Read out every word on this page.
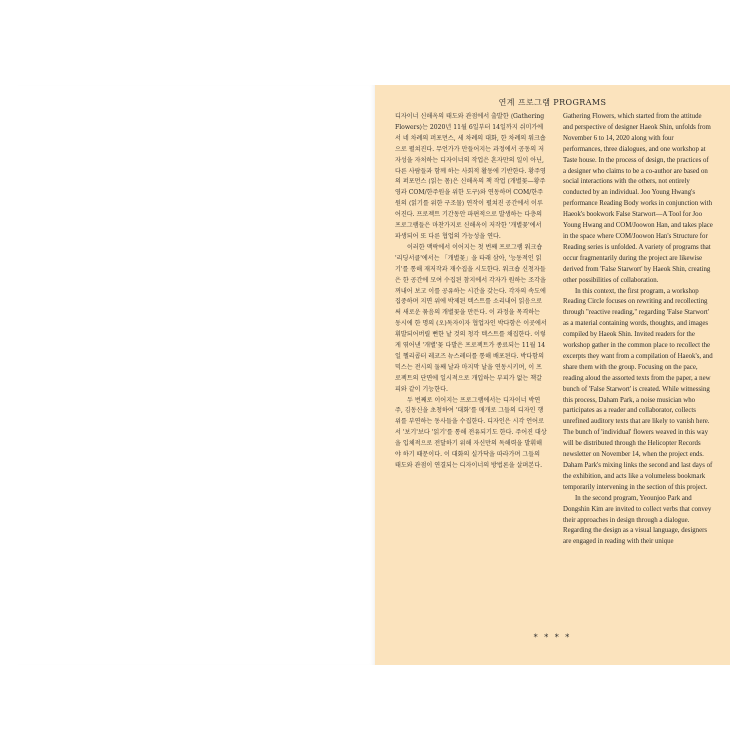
연계 프로그램 PROGRAMS

디자이너 신해옥의 태도와 관점에서 출발한 ⟨Gathering Flowers⟩는 2020년 11월 6일부터 14일까지 쉬미가에서 네 차례의 퍼포먼스, 세 차례의 대화, 한 차례의 워크숍으로 펼쳐진다. 무언가가 만들어지는 과정에서 공동의 저자성을 자처하는 디자이너의 작업은 혼자만의 일이 아닌, 다른 사람들과 함께 하는 사회적 활동에 기반한다. 황주영의 퍼포먼스 ⟨읽는 몸⟩은 신해옥의 책 작업 ⟨개별꽃—황주영과 COM/한주원을 위한 도구⟩와 연동하며 COM/한주원의 ⟨읽기를 위한 구조물⟩ 연작이 펼쳐진 공간에서 이루어진다. 프로젝트 기간동안 파편적으로 발생하는 다층의 프로그램들은 마찬가지로 신해옥이 저작한 '개별꽃'에서 파생되어 또 다른 협업의 가능성을 연다.

이러한 맥락에서 이어지는 첫 번째 프로그램 워크숍 '리딩서클'에서는 「개별꽃」을 타래 삼아, '능동적인 읽기'를 통해 재저작과 재수집을 시도한다. 워크숍 신청자들은 한 공간에 모여 수집된 참지에서 각자가 원하는 조각을 꺼내어 보고 이를 공유하는 시간을 갖는다. 각자의 속도에 집중하며 지면 위에 박제된 텍스트를 소리내어 읽음으로써 새로운 묶음의 개별꽃을 만든다. 이 과정을 목격하는 동시에 한 명의 (오)독자이자 협업자인 박다함은 이곳에서 휘발되어버릴 뻔한 낱 것의 청각 텍스트를 채집한다. 이렇게 엮어낸 '개별'꽃 다발은 프로젝트가 종료되는 11월 14일 헬리콥터 레코즈 뉴스레터를 통해 배포된다. 박다함의 믹스는 전시의 둘째 날과 마지막 날을 연동시키며, 이 프로젝트의 단면에 일시적으로 개입하는 부피가 없는 책갈피와 같이 기능한다.

두 번째로 이어지는 프로그램에서는 디자이너 박연주, 김동신을 초청하여 '대화'를 매개로 그들의 디자인 행위를 부연하는 동사들을 수집한다. 디자인은 시각 언어로서 '보기'보다 '읽기'를 통해 전유되기도 한다. 주어진 대상을 입체적으로 전달하기 위해 자신만의 독해력을 발휘해야 하기 때문이다. 이 대화의 실가닥을 따라가며 그들의 태도와 관점이 연결되는 디자이너의 방법론을 살펴본다.

Gathering Flowers, which started from the attitude and perspective of designer Haeok Shin, unfolds from November 6 to 14, 2020 along with four performances, three dialogues, and one workshop at Taste house. In the process of design, the practices of a designer who claims to be a co-author are based on social interactions with the others, not entirely conducted by an individual. Joo Young Hwang's performance Reading Body works in conjunction with Haeok's bookwork False Starwort—A Tool for Joo Young Hwang and COM/Joowon Han, and takes place in the space where COM/Joowon Han's Structure for Reading series is unfolded. A variety of programs that occur fragmentarily during the project are likewise derived from 'False Starwort' by Haeok Shin, creating other possibilities of collaboration.

In this context, the first program, a workshop Reading Circle focuses on rewriting and recollecting through "reactive reading," regarding 'False Starwort' as a material containing words, thoughts, and images compiled by Haeok Shin. Invited readers for the workshop gather in the common place to recollect the excerpts they want from a compilation of Haeok's, and share them with the group. Focusing on the pace, reading aloud the assorted texts from the paper, a new bunch of 'False Starwort' is created. While witnessing this process, Daham Park, a noise musician who participates as a reader and collaborator, collects unrefined auditory texts that are likely to vanish here. The bunch of 'individual' flowers weaved in this way will be distributed through the Helicopter Records newsletter on November 14, when the project ends. Daham Park's mixing links the second and last days of the exhibition, and acts like a volumeless bookmark temporarily intervening in the section of this project.

In the second program, Yeounjoo Park and Dongshin Kim are invited to collect verbs that convey their approaches in design through a dialogue. Regarding the design as a visual language, designers are engaged in reading with their unique

* * * *
